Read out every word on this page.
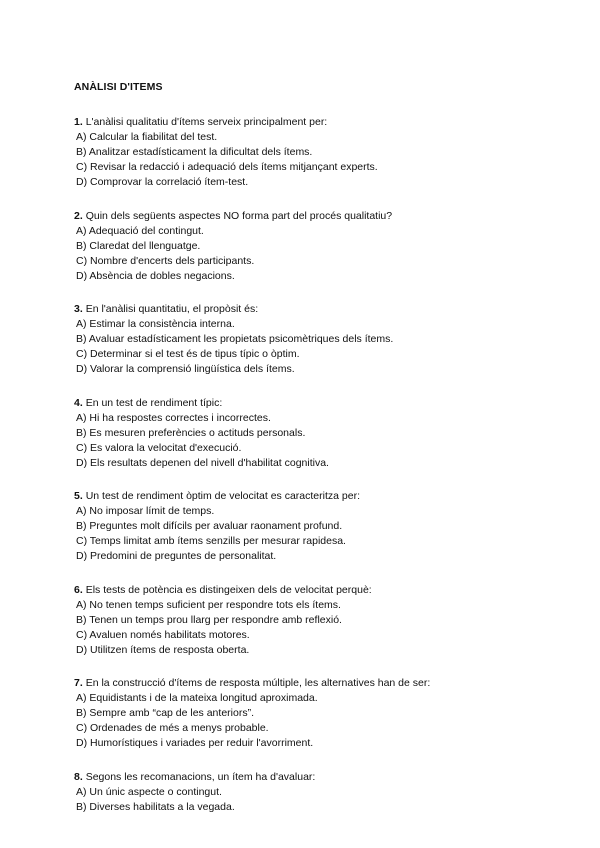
ANÀLISI D'ITEMS

1. L'anàlisi qualitatiu d'ítems serveix principalment per:

A) Calcular la fiabilitat del test.
B) Analitzar estadísticament la dificultat dels ítems.
C) Revisar la redacció i adequació dels ítems mitjançant experts.
D) Comprovar la correlació ítem-test.

2. Quin dels següents aspectes NO forma part del procés qualitatiu?

A) Adequació del contingut.
B) Claredat del llenguatge.
C) Nombre d'encerts dels participants.
D) Absència de dobles negacions.

3. En l'anàlisi quantitatiu, el propòsit és:

A) Estimar la consistència interna.
B) Avaluar estadísticament les propietats psicomètriques dels ítems.
C) Determinar si el test és de tipus típic o òptim.
D) Valorar la comprensió lingüística dels ítems.

4. En un test de rendiment típic:

A) Hi ha respostes correctes i incorrectes.
B) Es mesuren preferències o actituds personals.
C) Es valora la velocitat d'execució.
D) Els resultats depenen del nivell d'habilitat cognitiva.

5. Un test de rendiment òptim de velocitat es caracteritza per:

A) No imposar límit de temps.
B) Preguntes molt difícils per avaluar raonament profund.
C) Temps limitat amb ítems senzills per mesurar rapidesa.
D) Predomini de preguntes de personalitat.

6. Els tests de potència es distingeixen dels de velocitat perquè:

A) No tenen temps suficient per respondre tots els ítems.
B) Tenen un temps prou llarg per respondre amb reflexió.
C) Avaluen només habilitats motores.
D) Utilitzen ítems de resposta oberta.

7. En la construcció d'ítems de resposta múltiple, les alternatives han de ser:

A) Equidistants i de la mateixa longitud aproximada.
B) Sempre amb “cap de les anteriors”.
C) Ordenades de més a menys probable.
D) Humorístiques i variades per reduir l'avorriment.

8. Segons les recomanacions, un ítem ha d'avaluar:

A) Un únic aspecte o contingut.
B) Diverses habilitats a la vegada.
